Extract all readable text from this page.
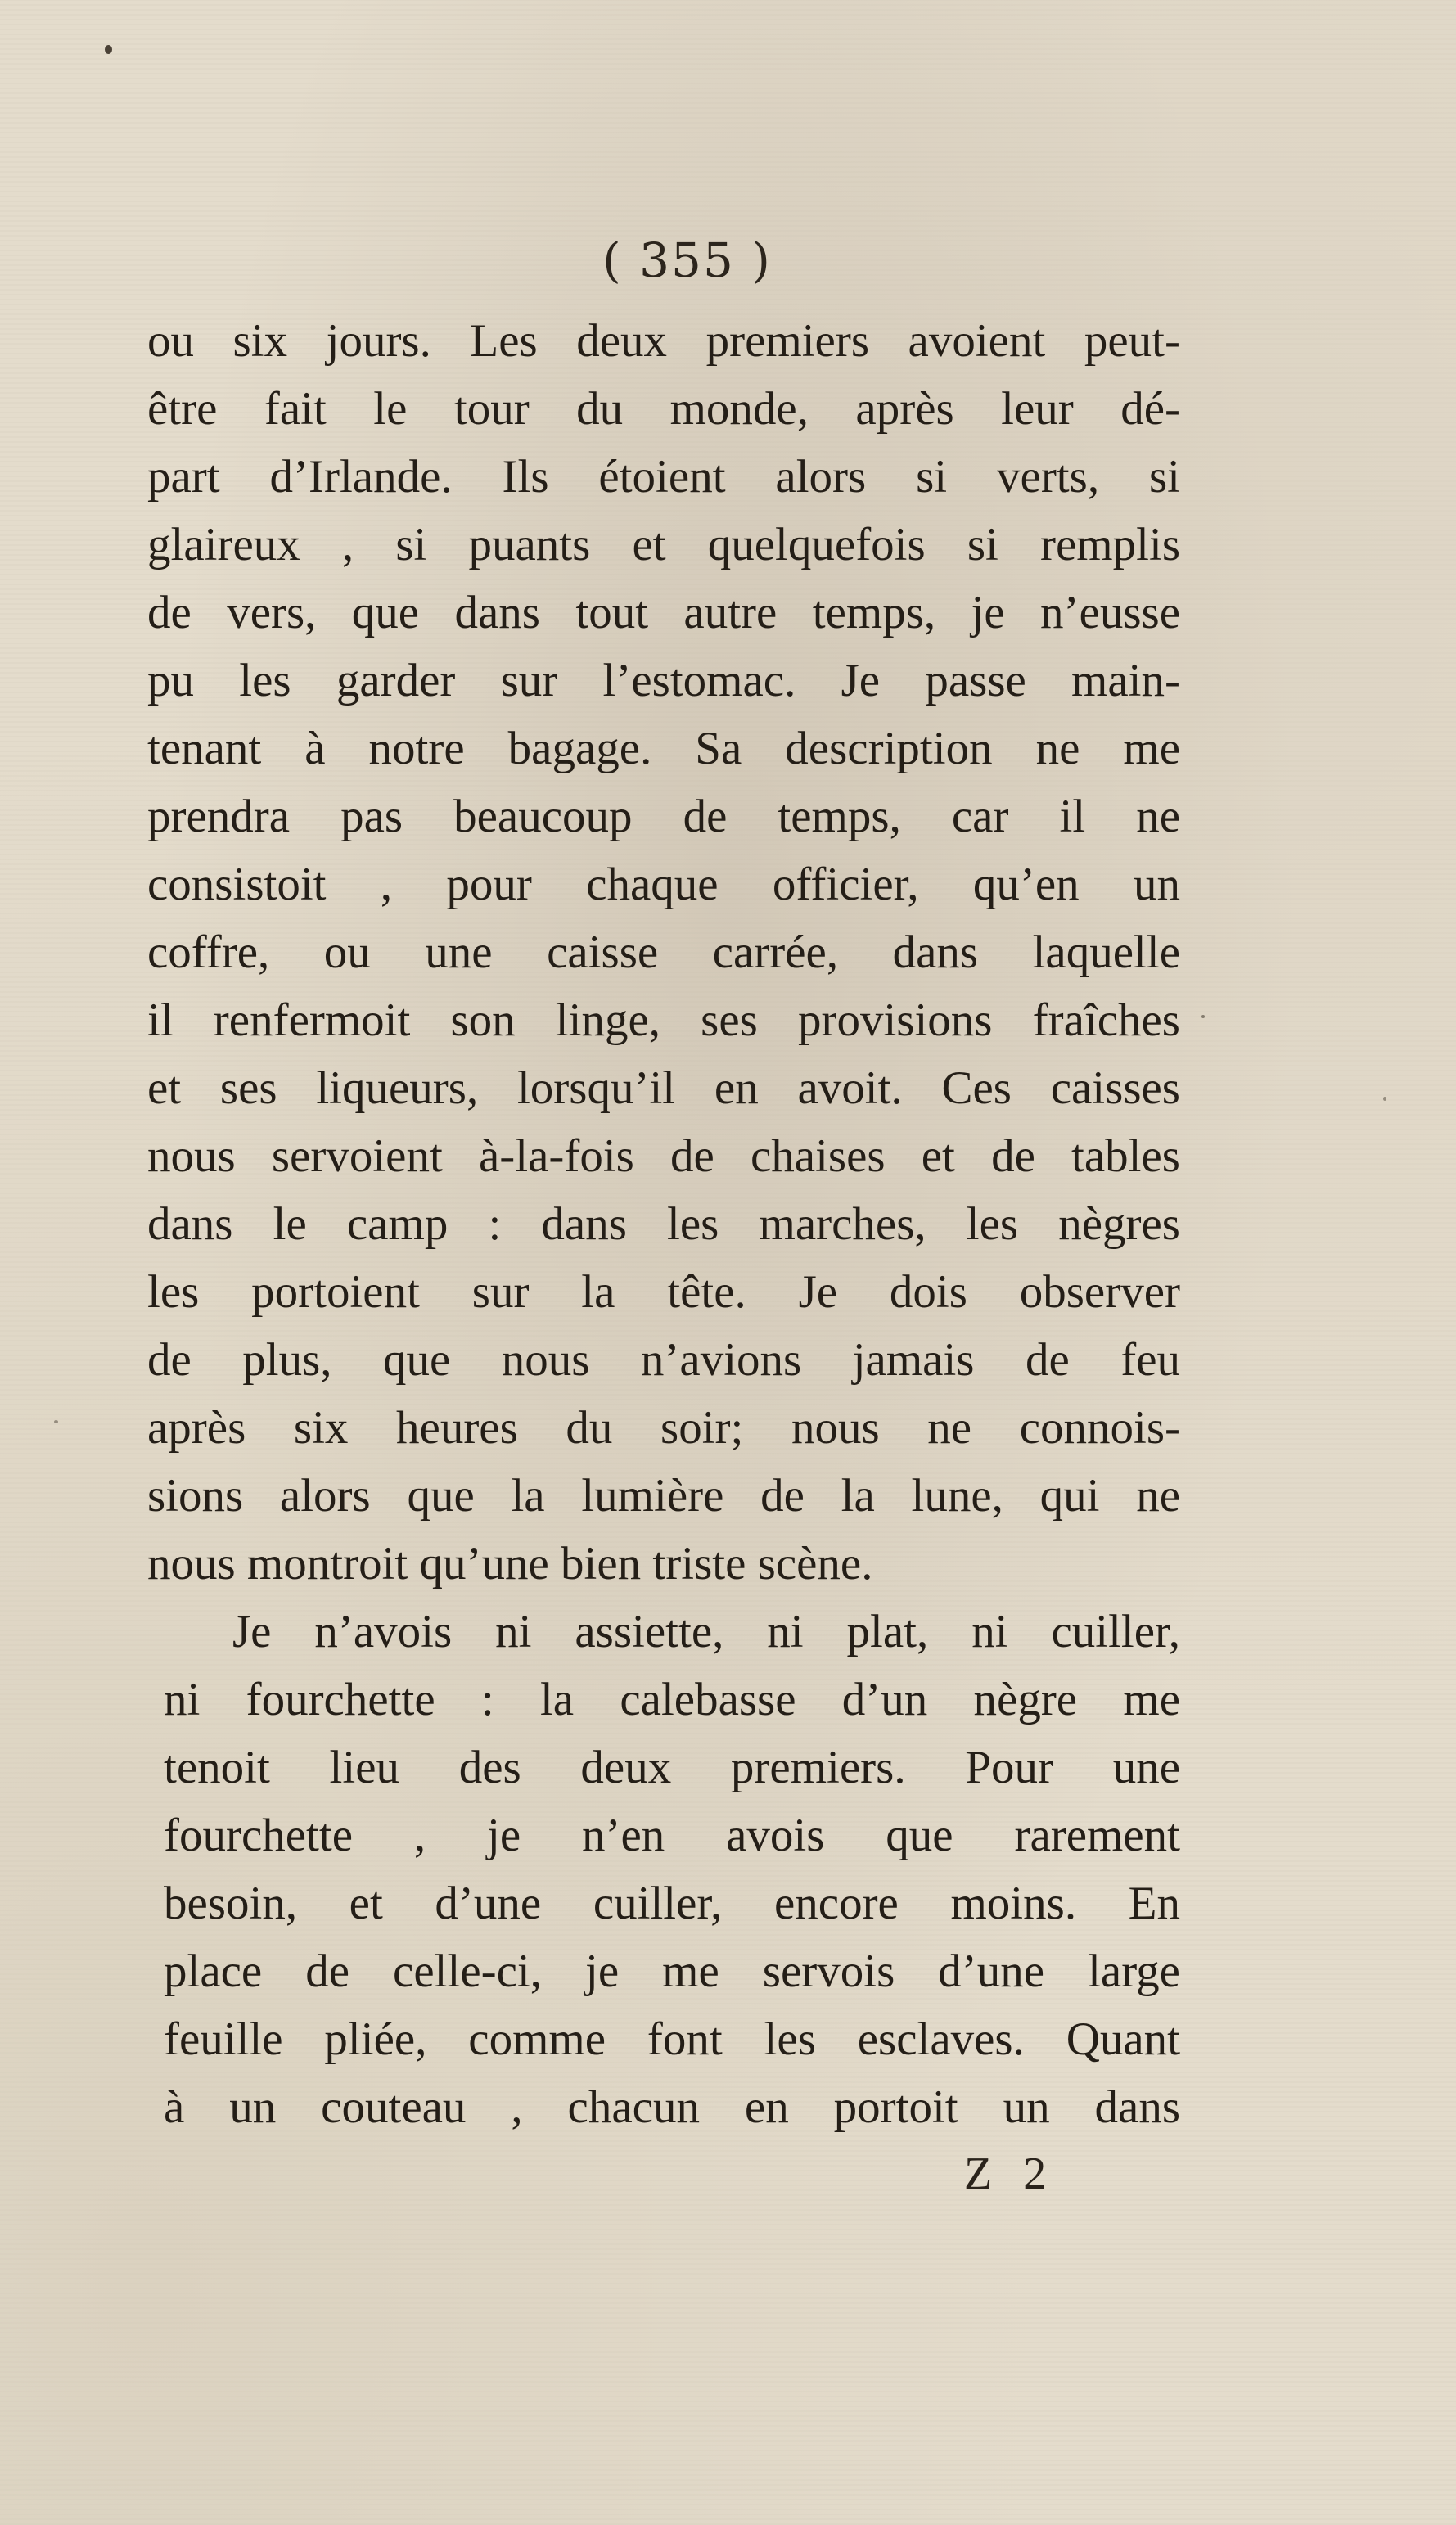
( 355 )
ou six jours. Les deux premiers avoient peut-
être fait le tour du monde, après leur dé-
part d’Irlande. Ils étoient alors si verts, si
glaireux , si puants et quelquefois si remplis
de vers, que dans tout autre temps, je n’eusse
pu les garder sur l’estomac. Je passe main-
tenant à notre bagage. Sa description ne me
prendra pas beaucoup de temps, car il ne
consistoit , pour chaque officier, qu’en un
coffre, ou une caisse carrée, dans laquelle
il renfermoit son linge, ses provisions fraîches
et ses liqueurs, lorsqu’il en avoit. Ces caisses
nous servoient à-la-fois de chaises et de tables
dans le camp : dans les marches, les nègres
les portoient sur la tête. Je dois observer
de plus, que nous n’avions jamais de feu
après six heures du soir; nous ne connois-
sions alors que la lumière de la lune, qui ne
nous montroit qu’une bien triste scène.
Je n’avois ni assiette, ni plat, ni cuiller,
ni fourchette : la calebasse d’un nègre me
tenoit lieu des deux premiers. Pour une
fourchette , je n’en avois que rarement
besoin, et d’une cuiller, encore moins. En
place de celle-ci, je me servois d’une large
feuille pliée, comme font les esclaves. Quant
à un couteau , chacun en portoit un dans
Z 2
